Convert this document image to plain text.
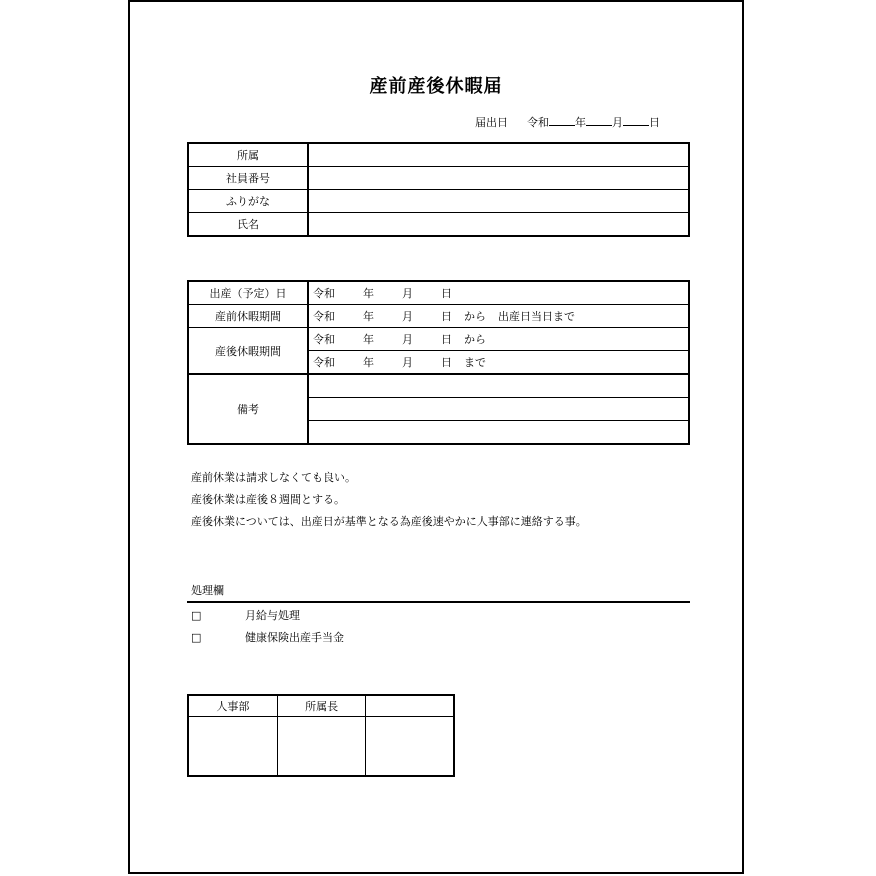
産前産後休暇届
届出日 令和 年 月 日
所属	
社員番号	
ふりがな	
氏名	
出産（予定）日	令和 年 月 日
産前休暇期間	令和 年 月 日 から 出産日当日まで
産後休暇期間	令和 年 月 日 から
	令和 年 月 日 まで
備考	

産前休業は請求しなくても良い。
産後休業は産後８週間とする。
産後休業については、出産日が基準となる為産後速やかに人事部に連絡する事。
処理欄
□	月給与処理
□	健康保険出産手当金
人事部	所属長	
